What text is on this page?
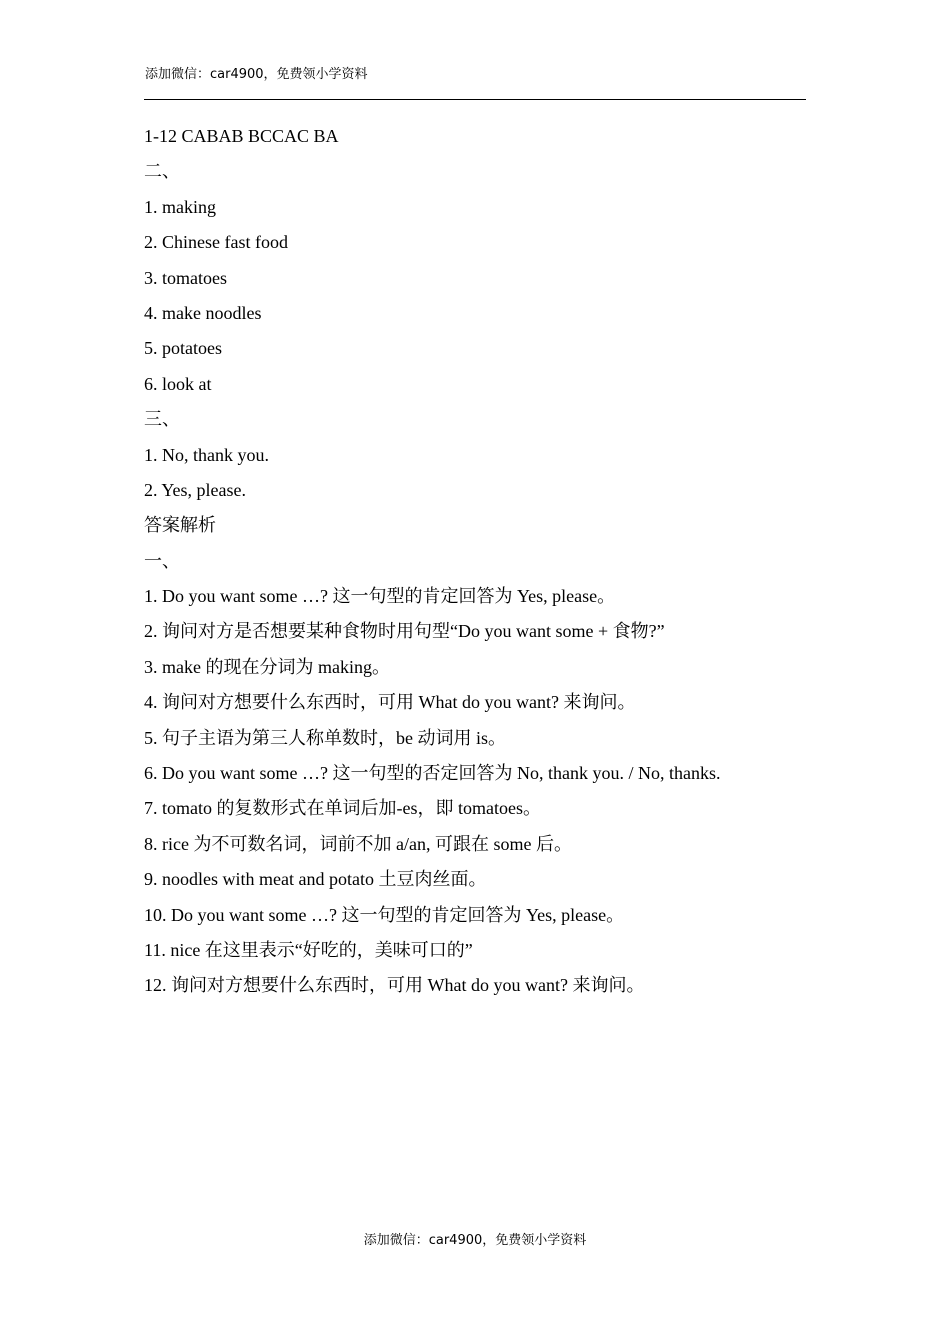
添加微信：car4900，免费领小学资料
1-12 CABAB BCCAC BA
二、
1. making
2. Chinese fast food
3. tomatoes
4. make noodles
5. potatoes
6. look at
三、
1. No, thank you.
2. Yes, please.
答案解析
一、
1. Do you want some …? 这一句型的肯定回答为 Yes, please。
2. 询问对方是否想要某种食物时用句型“Do you want some + 食物?”
3. make 的现在分词为 making。
4. 询问对方想要什么东西时，可用 What do you want? 来询问。
5. 句子主语为第三人称单数时，be 动词用 is。
6. Do you want some …? 这一句型的否定回答为 No, thank you. / No, thanks.
7. tomato 的复数形式在单词后加-es，即 tomatoes。
8. rice 为不可数名词，词前不加 a/an, 可跟在 some 后。
9. noodles with meat and potato 土豆肉丝面。
10. Do you want some …? 这一句型的肯定回答为 Yes, please。
11. nice 在这里表示“好吃的，美味可口的”
12. 询问对方想要什么东西时，可用 What do you want? 来询问。
添加微信：car4900，免费领小学资料
